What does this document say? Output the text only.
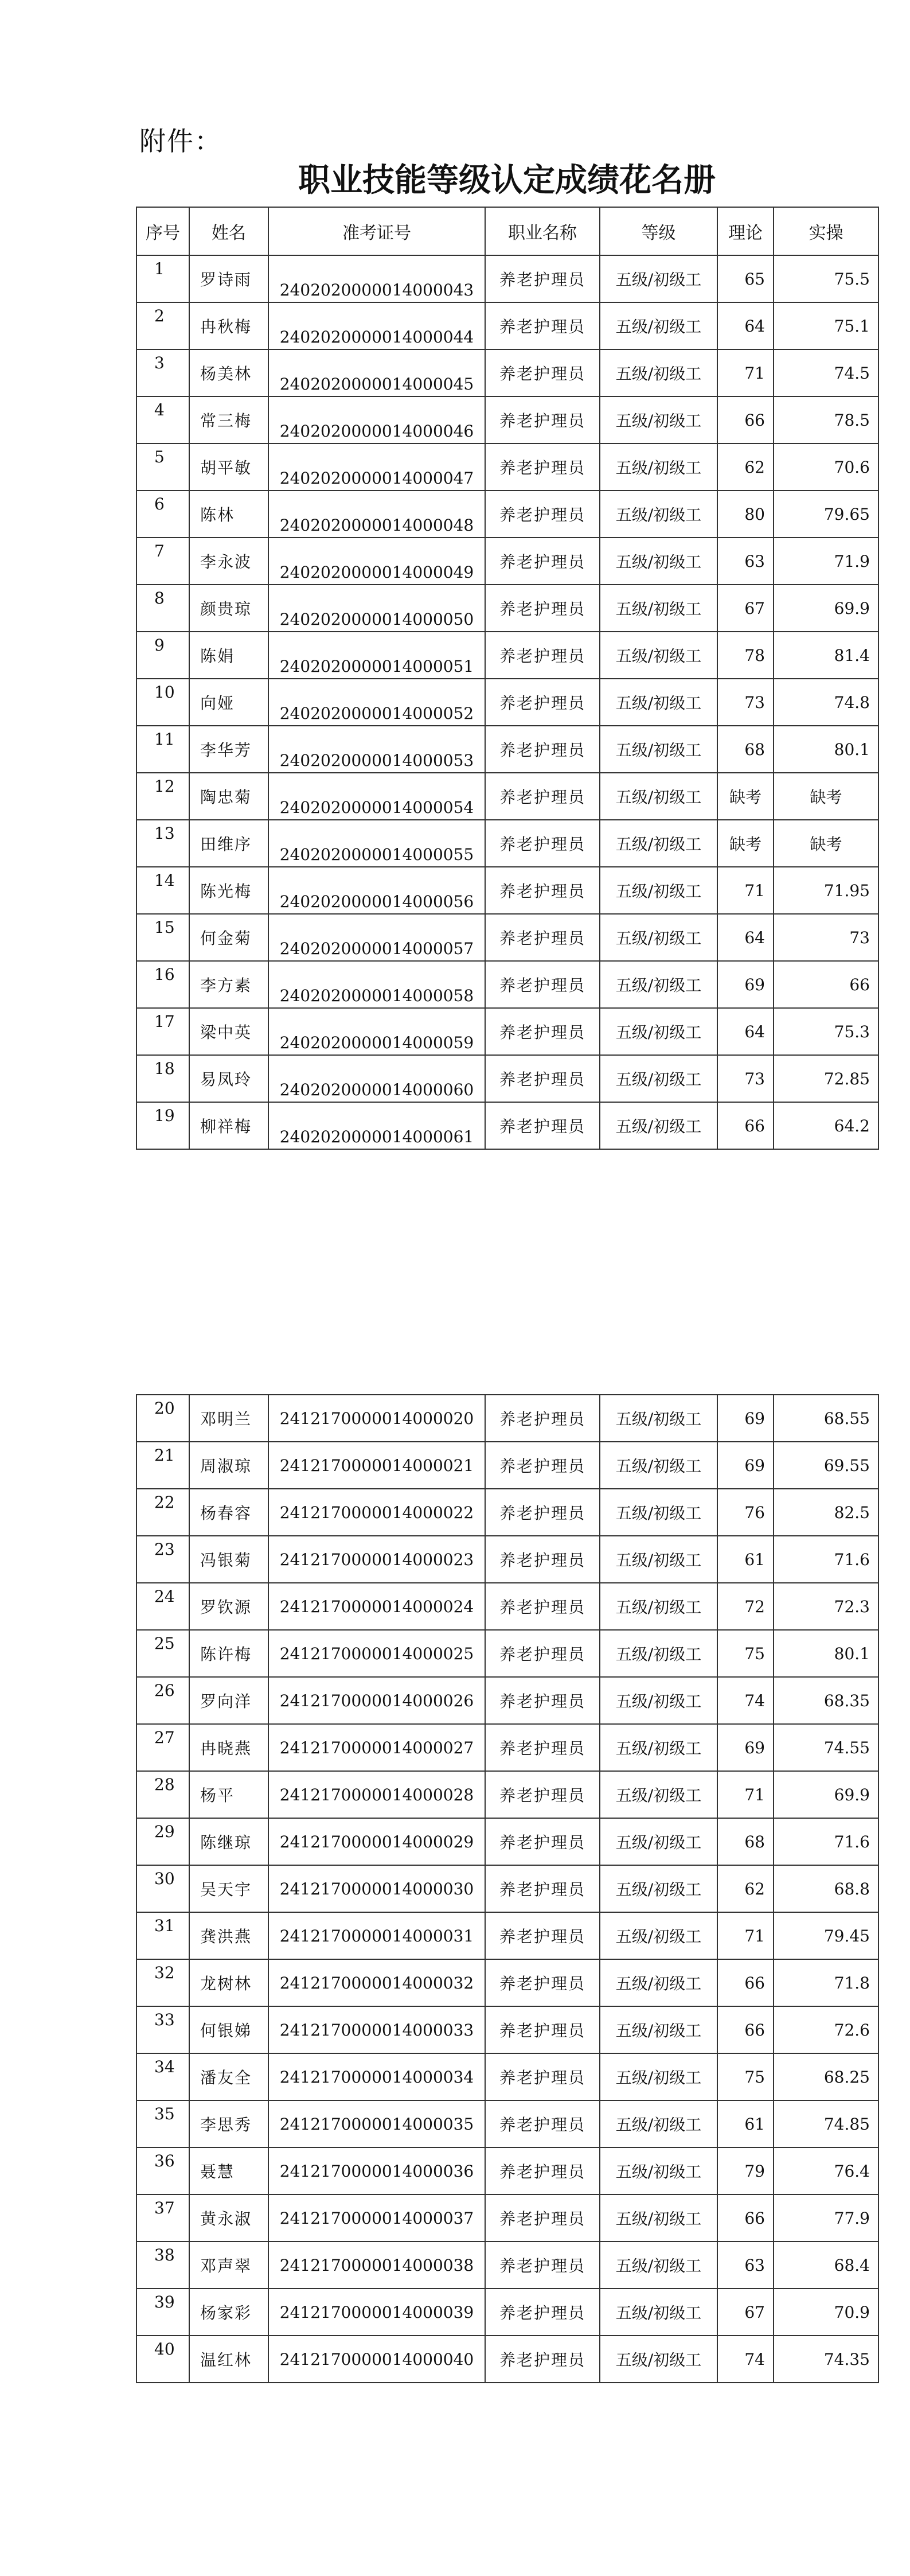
附件：
职业技能等级认定成绩花名册
序号	姓名	准考证号	职业名称	等级	理论	实操
1	罗诗雨	2402020000014000043	养老护理员	五级/初级工	65	75.5
2	冉秋梅	2402020000014000044	养老护理员	五级/初级工	64	75.1
3	杨美林	2402020000014000045	养老护理员	五级/初级工	71	74.5
4	常三梅	2402020000014000046	养老护理员	五级/初级工	66	78.5
5	胡平敏	2402020000014000047	养老护理员	五级/初级工	62	70.6
6	陈林	2402020000014000048	养老护理员	五级/初级工	80	79.65
7	李永波	2402020000014000049	养老护理员	五级/初级工	63	71.9
8	颜贵琼	2402020000014000050	养老护理员	五级/初级工	67	69.9
9	陈娟	2402020000014000051	养老护理员	五级/初级工	78	81.4
10	向娅	2402020000014000052	养老护理员	五级/初级工	73	74.8
11	李华芳	2402020000014000053	养老护理员	五级/初级工	68	80.1
12	陶忠菊	2402020000014000054	养老护理员	五级/初级工	缺考	缺考
13	田维序	2402020000014000055	养老护理员	五级/初级工	缺考	缺考
14	陈光梅	2402020000014000056	养老护理员	五级/初级工	71	71.95
15	何金菊	2402020000014000057	养老护理员	五级/初级工	64	73
16	李方素	2402020000014000058	养老护理员	五级/初级工	69	66
17	梁中英	2402020000014000059	养老护理员	五级/初级工	64	75.3
18	易凤玲	2402020000014000060	养老护理员	五级/初级工	73	72.85
19	柳祥梅	2402020000014000061	养老护理员	五级/初级工	66	64.2
20	邓明兰	2412170000014000020	养老护理员	五级/初级工	69	68.55
21	周淑琼	2412170000014000021	养老护理员	五级/初级工	69	69.55
22	杨春容	2412170000014000022	养老护理员	五级/初级工	76	82.5
23	冯银菊	2412170000014000023	养老护理员	五级/初级工	61	71.6
24	罗钦源	2412170000014000024	养老护理员	五级/初级工	72	72.3
25	陈许梅	2412170000014000025	养老护理员	五级/初级工	75	80.1
26	罗向洋	2412170000014000026	养老护理员	五级/初级工	74	68.35
27	冉晓燕	2412170000014000027	养老护理员	五级/初级工	69	74.55
28	杨平	2412170000014000028	养老护理员	五级/初级工	71	69.9
29	陈继琼	2412170000014000029	养老护理员	五级/初级工	68	71.6
30	吴天宇	2412170000014000030	养老护理员	五级/初级工	62	68.8
31	龚洪燕	2412170000014000031	养老护理员	五级/初级工	71	79.45
32	龙树林	2412170000014000032	养老护理员	五级/初级工	66	71.8
33	何银娣	2412170000014000033	养老护理员	五级/初级工	66	72.6
34	潘友全	2412170000014000034	养老护理员	五级/初级工	75	68.25
35	李思秀	2412170000014000035	养老护理员	五级/初级工	61	74.85
36	聂慧	2412170000014000036	养老护理员	五级/初级工	79	76.4
37	黄永淑	2412170000014000037	养老护理员	五级/初级工	66	77.9
38	邓声翠	2412170000014000038	养老护理员	五级/初级工	63	68.4
39	杨家彩	2412170000014000039	养老护理员	五级/初级工	67	70.9
40	温红林	2412170000014000040	养老护理员	五级/初级工	74	74.35
